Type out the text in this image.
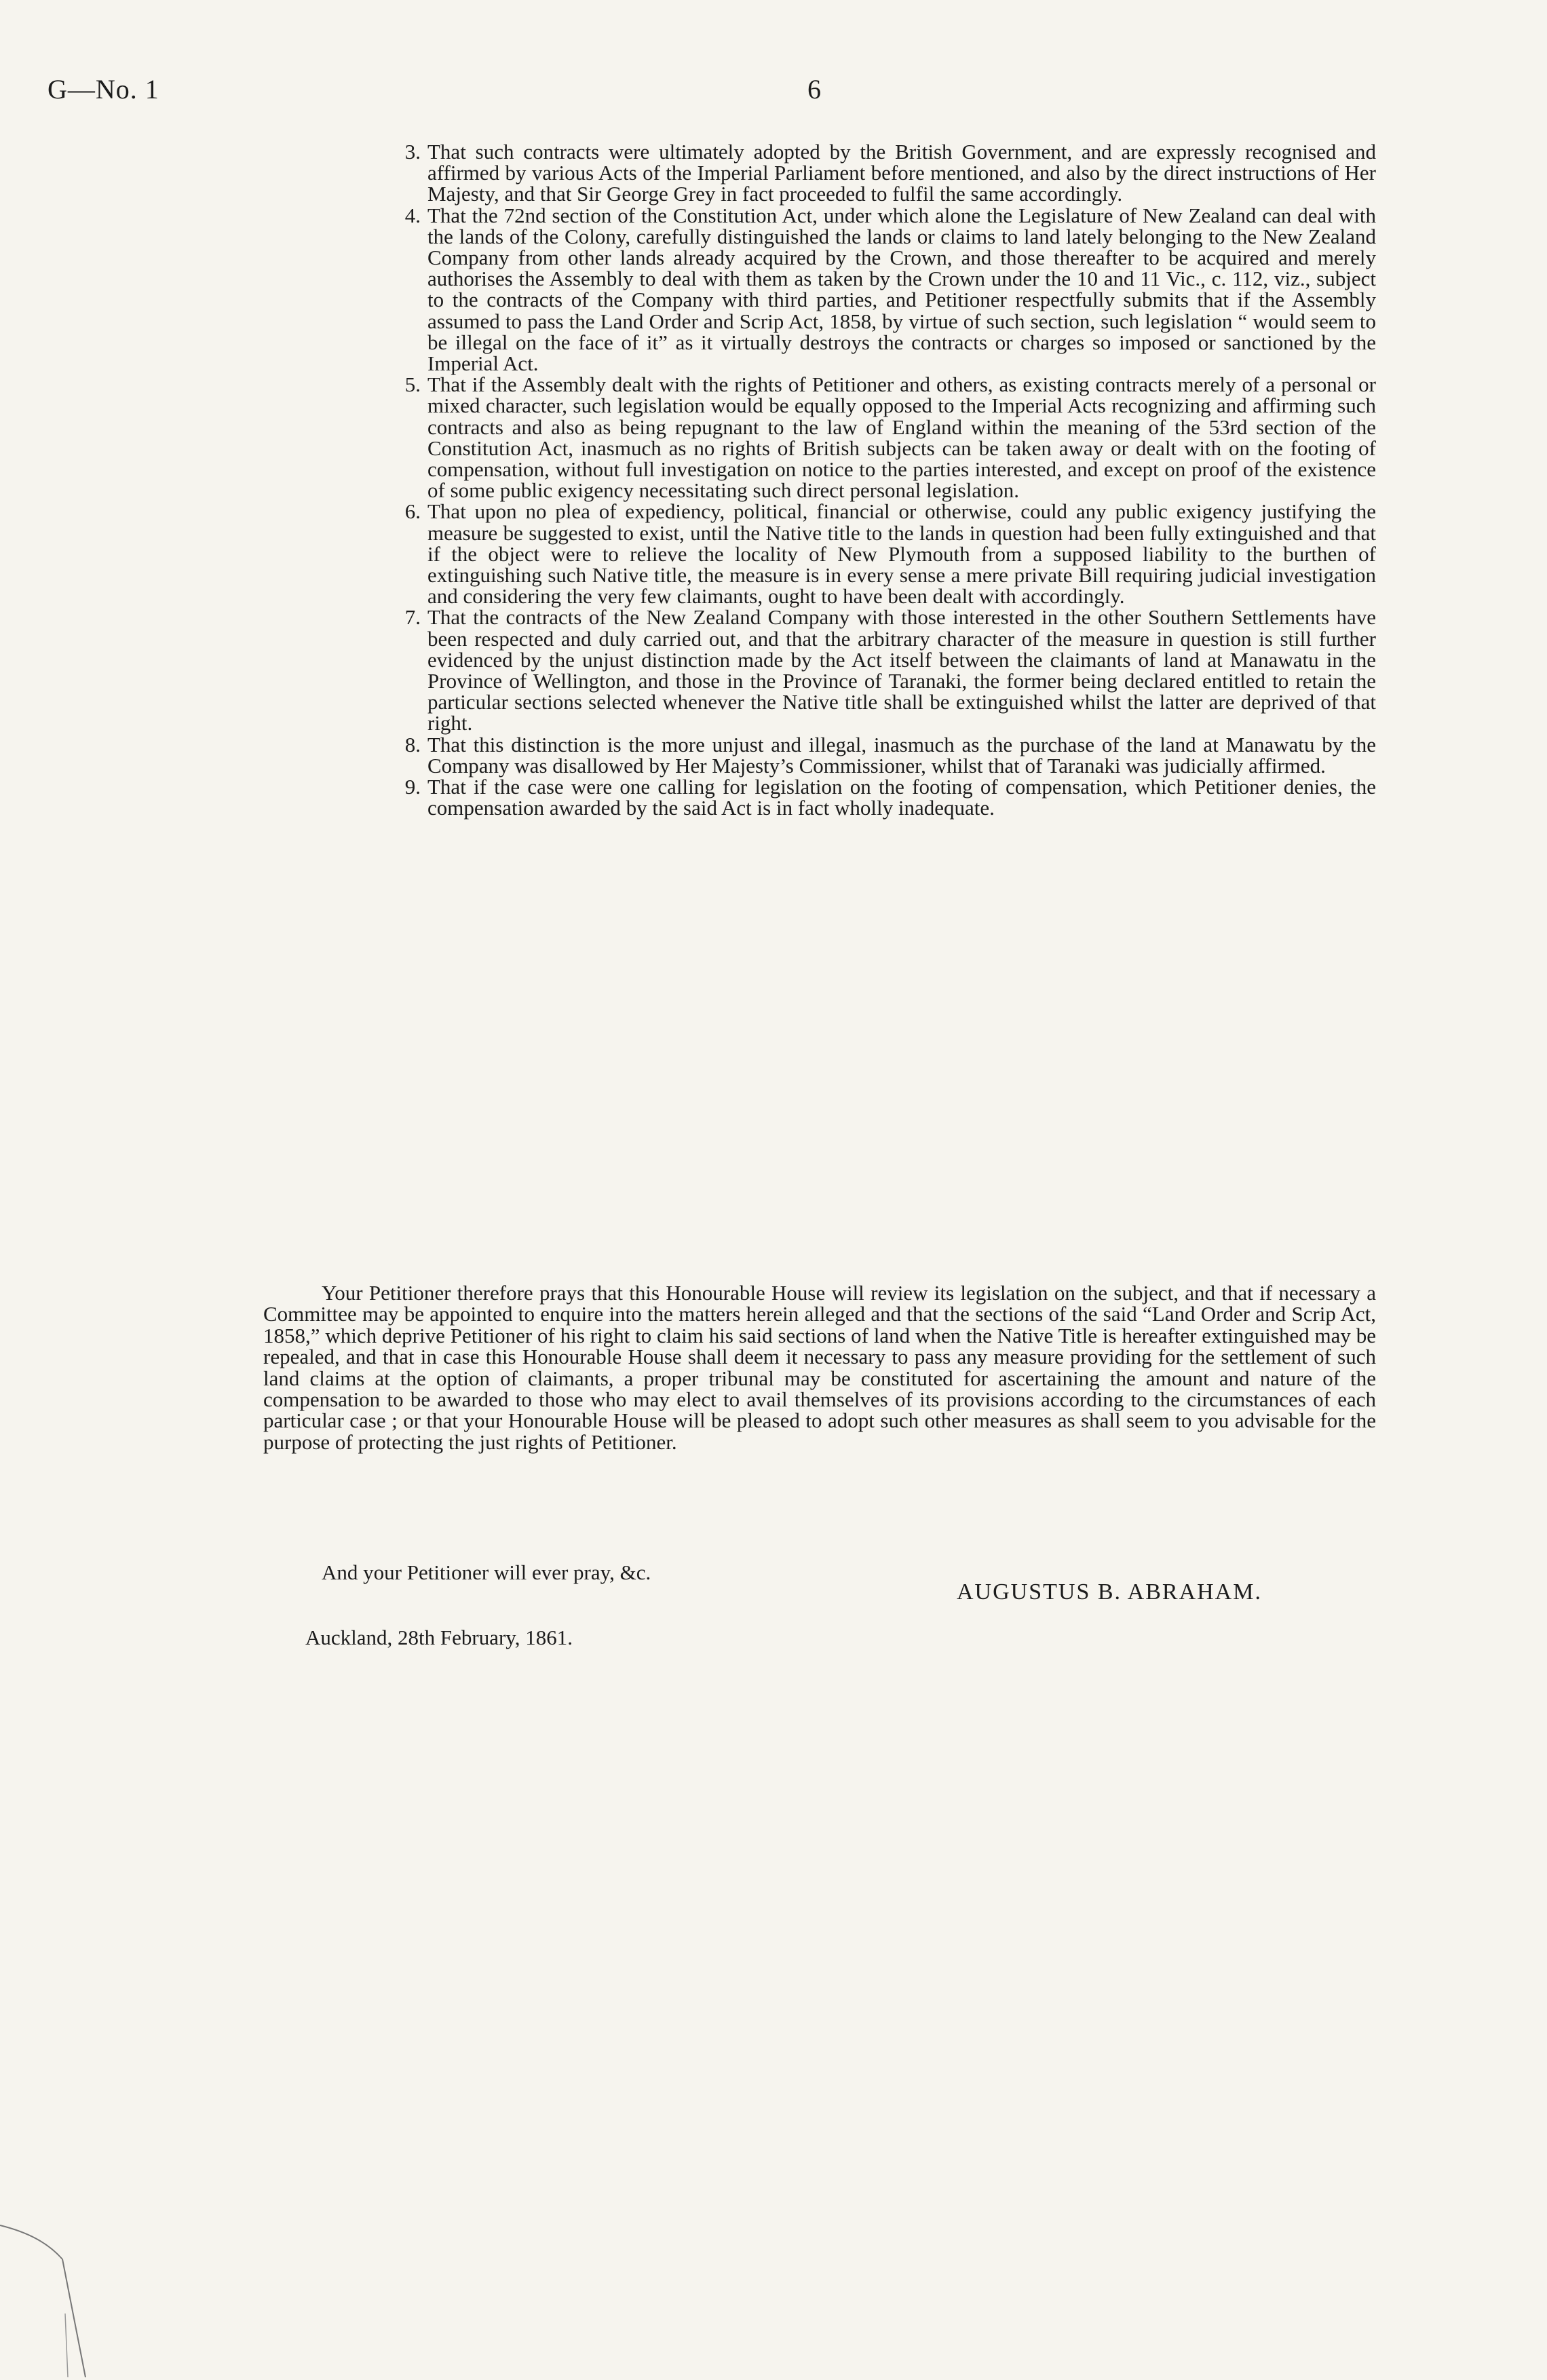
G—No. 1	6
3. That such contracts were ultimately adopted by the British Government, and are expressly recognised and affirmed by various Acts of the Imperial Parliament before mentioned, and also by the direct instructions of Her Majesty, and that Sir George Grey in fact proceeded to fulfil the same accordingly.
4. That the 72nd section of the Constitution Act, under which alone the Legislature of New Zealand can deal with the lands of the Colony, carefully distinguished the lands or claims to land lately belonging to the New Zealand Company from other lands already acquired by the Crown, and those thereafter to be acquired and merely authorises the Assembly to deal with them as taken by the Crown under the 10 and 11 Vic., c. 112, viz., subject to the contracts of the Company with third parties, and Petitioner respectfully submits that if the Assembly assumed to pass the Land Order and Scrip Act, 1858, by virtue of such section, such legislation “ would seem to be illegal on the face of it” as it virtually destroys the contracts or charges so imposed or sanctioned by the Imperial Act.
5. That if the Assembly dealt with the rights of Petitioner and others, as existing contracts merely of a personal or mixed character, such legislation would be equally opposed to the Imperial Acts recognizing and affirming such contracts and also as being repugnant to the law of England within the meaning of the 53rd section of the Constitution Act, inasmuch as no rights of British subjects can be taken away or dealt with on the footing of compensation, without full investigation on notice to the parties interested, and except on proof of the existence of some public exigency necessitating such direct personal legislation.
6. That upon no plea of expediency, political, financial or otherwise, could any public exigency justifying the measure be suggested to exist, until the Native title to the lands in question had been fully extinguished and that if the object were to relieve the locality of New Plymouth from a supposed liability to the burthen of extinguishing such Native title, the measure is in every sense a mere private Bill requiring judicial investigation and considering the very few claimants, ought to have been dealt with accordingly.
7. That the contracts of the New Zealand Company with those interested in the other Southern Settlements have been respected and duly carried out, and that the arbitrary character of the measure in question is still further evidenced by the unjust distinction made by the Act itself between the claimants of land at Manawatu in the Province of Wellington, and those in the Province of Taranaki, the former being declared entitled to retain the particular sections selected whenever the Native title shall be extinguished whilst the latter are deprived of that right.
8. That this distinction is the more unjust and illegal, inasmuch as the purchase of the land at Manawatu by the Company was disallowed by Her Majesty’s Commissioner, whilst that of Taranaki was judicially affirmed.
9. That if the case were one calling for legislation on the footing of compensation, which Petitioner denies, the compensation awarded by the said Act is in fact wholly inadequate.

Your Petitioner therefore prays that this Honourable House will review its legislation on the subject, and that if necessary a Committee may be appointed to enquire into the matters herein alleged and that the sections of the said “Land Order and Scrip Act, 1858,” which deprive Petitioner of his right to claim his said sections of land when the Native Title is hereafter extinguished may be repealed, and that in case this Honourable House shall deem it necessary to pass any measure providing for the settlement of such land claims at the option of claimants, a proper tribunal may be constituted for ascertaining the amount and nature of the compensation to be awarded to those who may elect to avail themselves of its provisions according to the circumstances of each particular case ; or that your Honourable House will be pleased to adopt such other measures as shall seem to you advisable for the purpose of protecting the just rights of Petitioner.

And your Petitioner will ever pray, &c.
AUGUSTUS B. ABRAHAM.
Auckland, 28th February, 1861.
